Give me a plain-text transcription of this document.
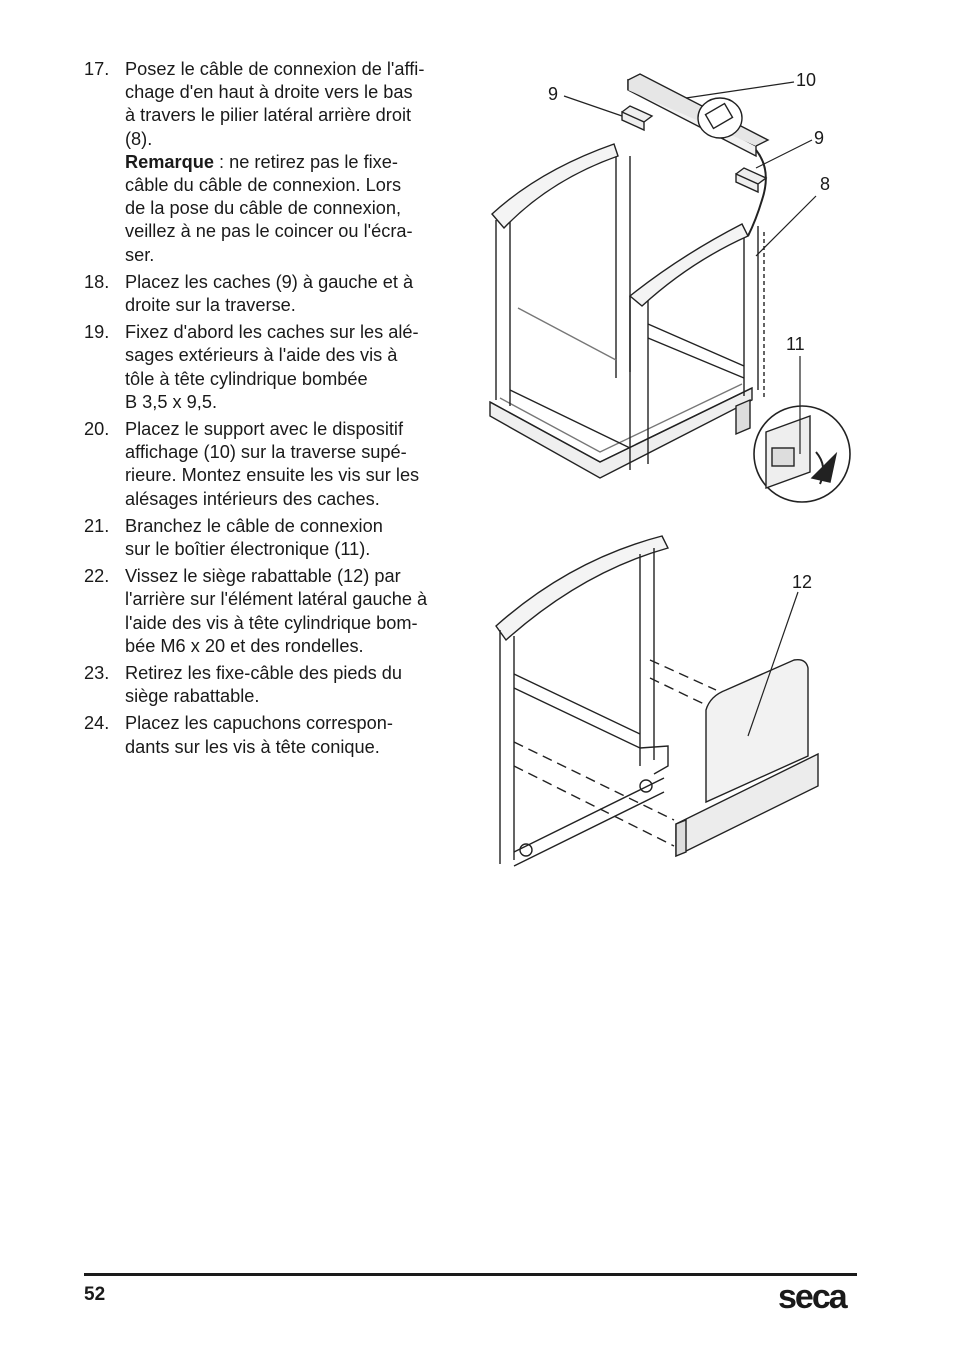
17. Posez le câble de connexion de l'affi-
chage d'en haut à droite vers le bas
à travers le pilier latéral arrière droit
(8).
Remarque : ne retirez pas le fixe-
câble du câble de connexion. Lors
de la pose du câble de connexion,
veillez à ne pas le coincer ou l'écra-
ser.
18. Placez les caches (9) à gauche et à
droite sur la traverse.
19. Fixez d'abord les caches sur les alé-
sages extérieurs à l'aide des vis à
tôle à tête cylindrique bombée
B 3,5 x 9,5.
20. Placez le support avec le dispositif
affichage (10) sur la traverse supé-
rieure. Montez ensuite les vis sur les
alésages intérieurs des caches.
21. Branchez le câble de connexion
sur le boîtier électronique (11).
22. Vissez le siège rabattable (12) par
l'arrière sur l'élément latéral gauche à
l'aide des vis à tête cylindrique bom-
bée M6 x 20 et des rondelles.
23. Retirez les fixe-câble des pieds du
siège rabattable.
24. Placez les capuchons correspon-
dants sur les vis à tête conique.
9
10
9
8
11
12
52	seca
